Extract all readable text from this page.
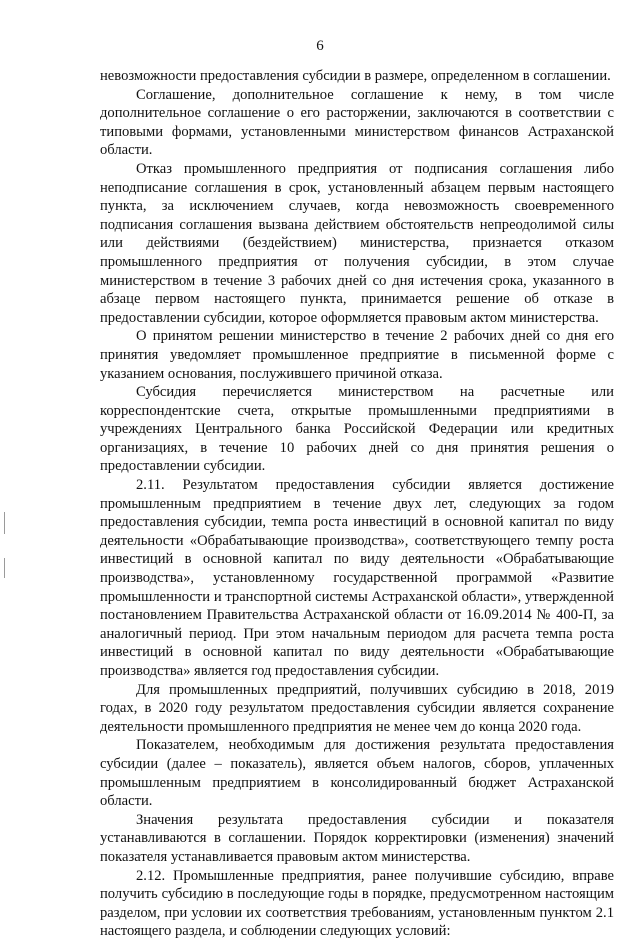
6

невозможности предоставления субсидии в размере, определенном в соглашении.

Соглашение, дополнительное соглашение к нему, в том числе дополнительное соглашение о его расторжении, заключаются в соответствии с типовыми формами, установленными министерством финансов Астраханской области.

Отказ промышленного предприятия от подписания соглашения либо неподписание соглашения в срок, установленный абзацем первым настоящего пункта, за исключением случаев, когда невозможность своевременного подписания соглашения вызвана действием обстоятельств непреодолимой силы или действиями (бездействием) министерства, признается отказом промышленного предприятия от получения субсидии, в этом случае министерством в течение 3 рабочих дней со дня истечения срока, указанного в абзаце первом настоящего пункта, принимается решение об отказе в предоставлении субсидии, которое оформляется правовым актом министерства.

О принятом решении министерство в течение 2 рабочих дней со дня его принятия уведомляет промышленное предприятие в письменной форме с указанием основания, послужившего причиной отказа.

Субсидия перечисляется министерством на расчетные или корреспондентские счета, открытые промышленными предприятиями в учреждениях Центрального банка Российской Федерации или кредитных организациях, в течение 10 рабочих дней со дня принятия решения о предоставлении субсидии.

2.11. Результатом предоставления субсидии является достижение промышленным предприятием в течение двух лет, следующих за годом предоставления субсидии, темпа роста инвестиций в основной капитал по виду деятельности «Обрабатывающие производства», соответствующего темпу роста инвестиций в основной капитал по виду деятельности «Обрабатывающие производства», установленному государственной программой «Развитие промышленности и транспортной системы Астраханской области», утвержденной постановлением Правительства Астраханской области от 16.09.2014 № 400-П, за аналогичный период. При этом начальным периодом для расчета темпа роста инвестиций в основной капитал по виду деятельности «Обрабатывающие производства» является год предоставления субсидии.

Для промышленных предприятий, получивших субсидию в 2018, 2019 годах, в 2020 году результатом предоставления субсидии является сохранение деятельности промышленного предприятия не менее чем до конца 2020 года.

Показателем, необходимым для достижения результата предоставления субсидии (далее – показатель), является объем налогов, сборов, уплаченных промышленным предприятием в консолидированный бюджет Астраханской области.

Значения результата предоставления субсидии и показателя устанавливаются в соглашении. Порядок корректировки (изменения) значений показателя устанавливается правовым актом министерства.

2.12. Промышленные предприятия, ранее получившие субсидию, вправе получить субсидию в последующие годы в порядке, предусмотренном настоящим разделом, при условии их соответствия требованиям, установленным пунктом 2.1 настоящего раздела, и соблюдении следующих условий:
